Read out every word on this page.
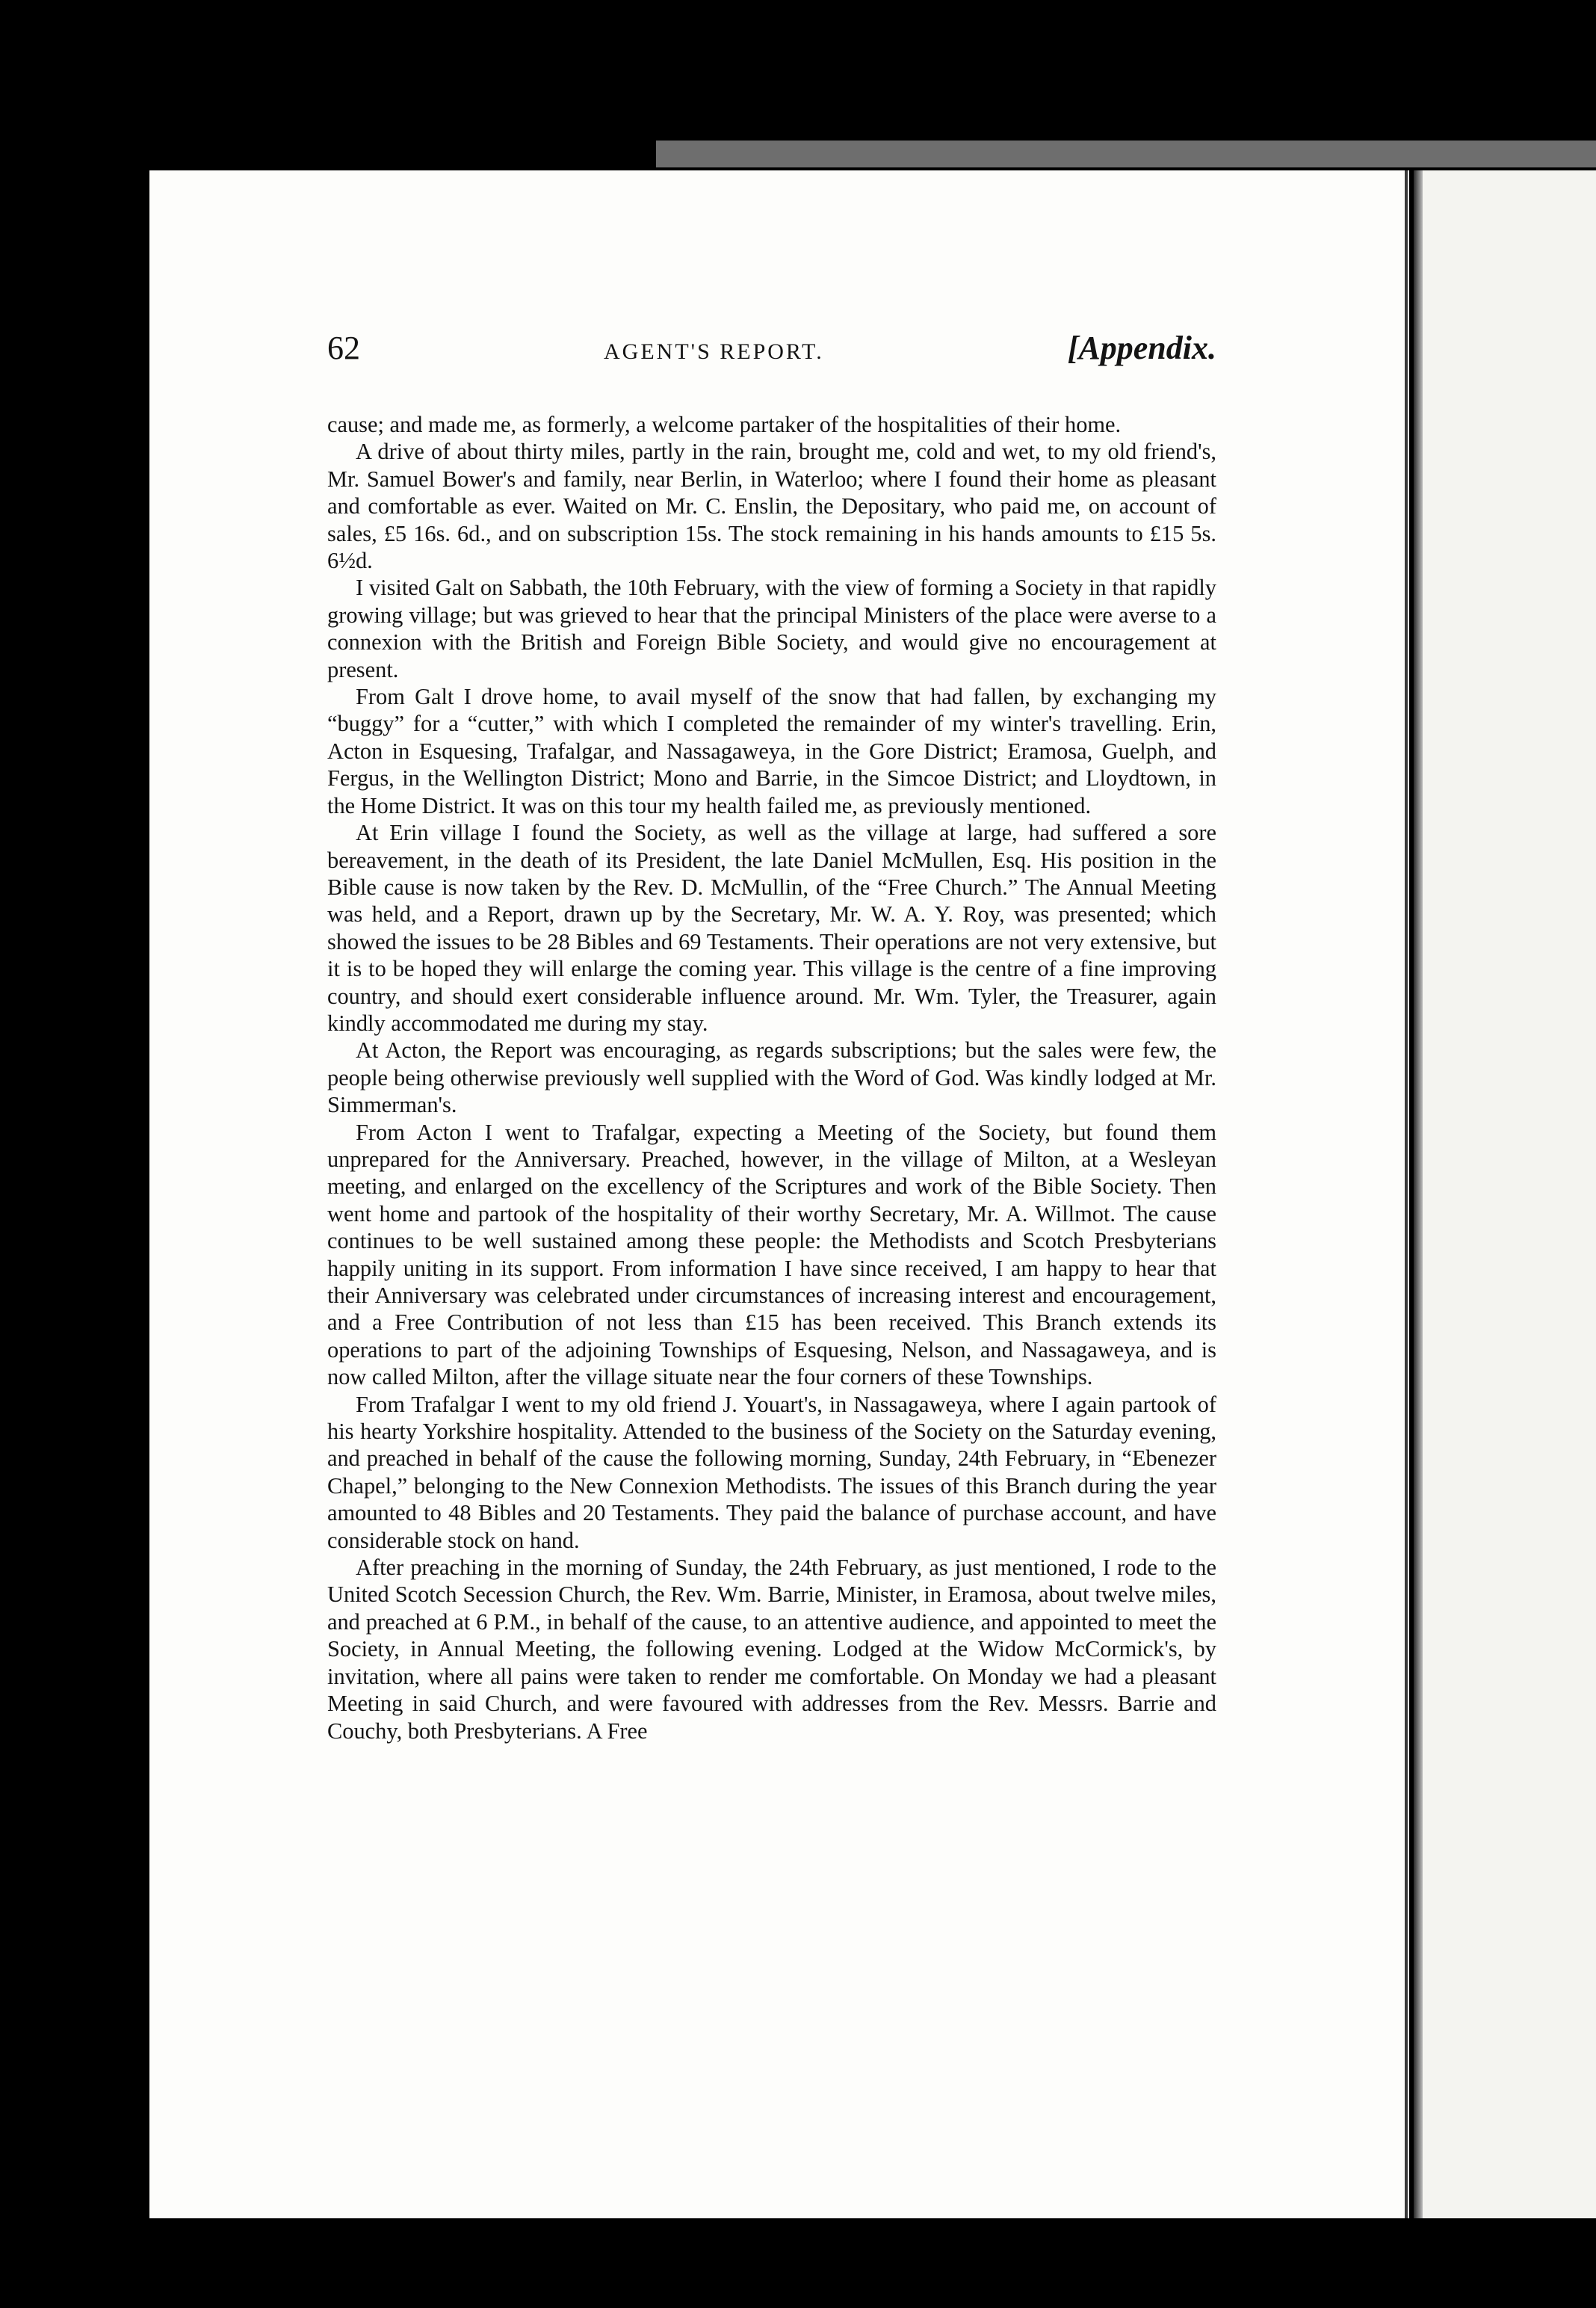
62	AGENT'S REPORT.	[Appendix.

cause; and made me, as formerly, a welcome partaker of the hospitalities of their home.

A drive of about thirty miles, partly in the rain, brought me, cold and wet, to my old friend's, Mr. Samuel Bower's and family, near Berlin, in Waterloo; where I found their home as pleasant and comfortable as ever. Waited on Mr. C. Enslin, the Depositary, who paid me, on account of sales, £5 16s. 6d., and on subscription 15s. The stock remaining in his hands amounts to £15 5s. 6½d.

I visited Galt on Sabbath, the 10th February, with the view of forming a Society in that rapidly growing village; but was grieved to hear that the principal Ministers of the place were averse to a connexion with the British and Foreign Bible Society, and would give no encouragement at present.

From Galt I drove home, to avail myself of the snow that had fallen, by exchanging my “buggy” for a “cutter,” with which I completed the remainder of my winter's travelling. Erin, Acton in Esquesing, Trafalgar, and Nassagaweya, in the Gore District; Eramosa, Guelph, and Fergus, in the Wellington District; Mono and Barrie, in the Simcoe District; and Lloydtown, in the Home District. It was on this tour my health failed me, as previously mentioned.

At Erin village I found the Society, as well as the village at large, had suffered a sore bereavement, in the death of its President, the late Daniel McMullen, Esq. His position in the Bible cause is now taken by the Rev. D. McMullin, of the “Free Church.” The Annual Meeting was held, and a Report, drawn up by the Secretary, Mr. W. A. Y. Roy, was presented; which showed the issues to be 28 Bibles and 69 Testaments. Their operations are not very extensive, but it is to be hoped they will enlarge the coming year. This village is the centre of a fine improving country, and should exert considerable influence around. Mr. Wm. Tyler, the Treasurer, again kindly accommodated me during my stay.

At Acton, the Report was encouraging, as regards subscriptions; but the sales were few, the people being otherwise previously well supplied with the Word of God. Was kindly lodged at Mr. Simmerman's.

From Acton I went to Trafalgar, expecting a Meeting of the Society, but found them unprepared for the Anniversary. Preached, however, in the village of Milton, at a Wesleyan meeting, and enlarged on the excellency of the Scriptures and work of the Bible Society. Then went home and partook of the hospitality of their worthy Secretary, Mr. A. Willmot. The cause continues to be well sustained among these people: the Methodists and Scotch Presbyterians happily uniting in its support. From information I have since received, I am happy to hear that their Anniversary was celebrated under circumstances of increasing interest and encouragement, and a Free Contribution of not less than £15 has been received. This Branch extends its operations to part of the adjoining Townships of Esquesing, Nelson, and Nassagaweya, and is now called Milton, after the village situate near the four corners of these Townships.

From Trafalgar I went to my old friend J. Youart's, in Nassagaweya, where I again partook of his hearty Yorkshire hospitality. Attended to the business of the Society on the Saturday evening, and preached in behalf of the cause the following morning, Sunday, 24th February, in “Ebenezer Chapel,” belonging to the New Connexion Methodists. The issues of this Branch during the year amounted to 48 Bibles and 20 Testaments. They paid the balance of purchase account, and have considerable stock on hand.

After preaching in the morning of Sunday, the 24th February, as just mentioned, I rode to the United Scotch Secession Church, the Rev. Wm. Barrie, Minister, in Eramosa, about twelve miles, and preached at 6 P.M., in behalf of the cause, to an attentive audience, and appointed to meet the Society, in Annual Meeting, the following evening. Lodged at the Widow McCormick's, by invitation, where all pains were taken to render me comfortable. On Monday we had a pleasant Meeting in said Church, and were favoured with addresses from the Rev. Messrs. Barrie and Couchy, both Presbyterians. A Free
